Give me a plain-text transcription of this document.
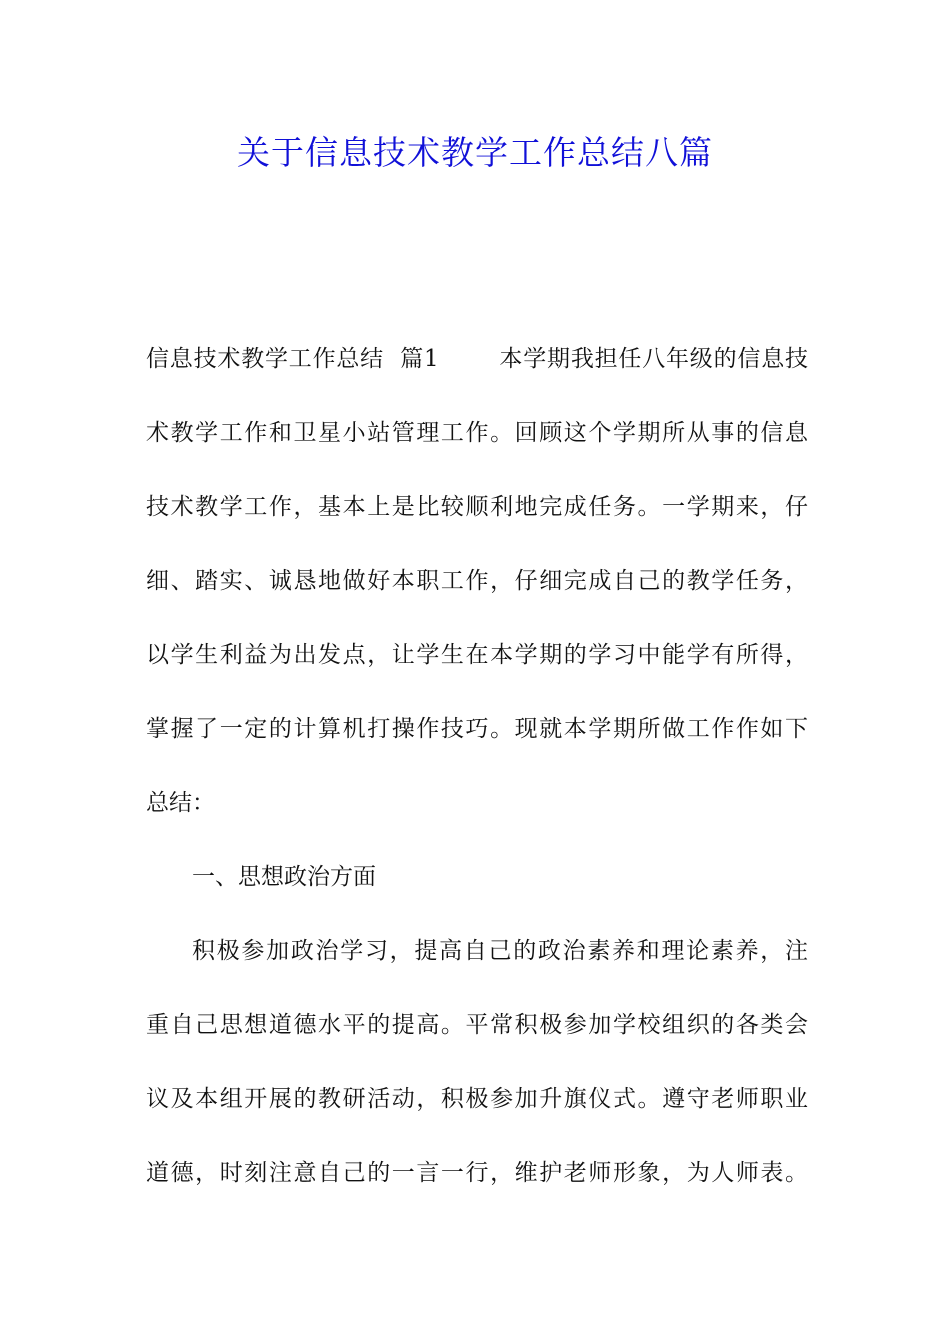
关于信息技术教学工作总结八篇
信息技术教学工作总结  篇1	本学期我担任八年级的信息技
术教学工作和卫星小站管理工作。回顾这个学期所从事的信息
技术教学工作，基本上是比较顺利地完成任务。一学期来，仔
细、踏实、诚恳地做好本职工作，仔细完成自己的教学任务，
以学生利益为出发点，让学生在本学期的学习中能学有所得，
掌握了一定的计算机打操作技巧。现就本学期所做工作作如下
总结：
一、思想政治方面
积极参加政治学习，提高自己的政治素养和理论素养，注
重自己思想道德水平的提高。平常积极参加学校组织的各类会
议及本组开展的教研活动，积极参加升旗仪式。遵守老师职业
道德，时刻注意自己的一言一行，维护老师形象，为人师表。
